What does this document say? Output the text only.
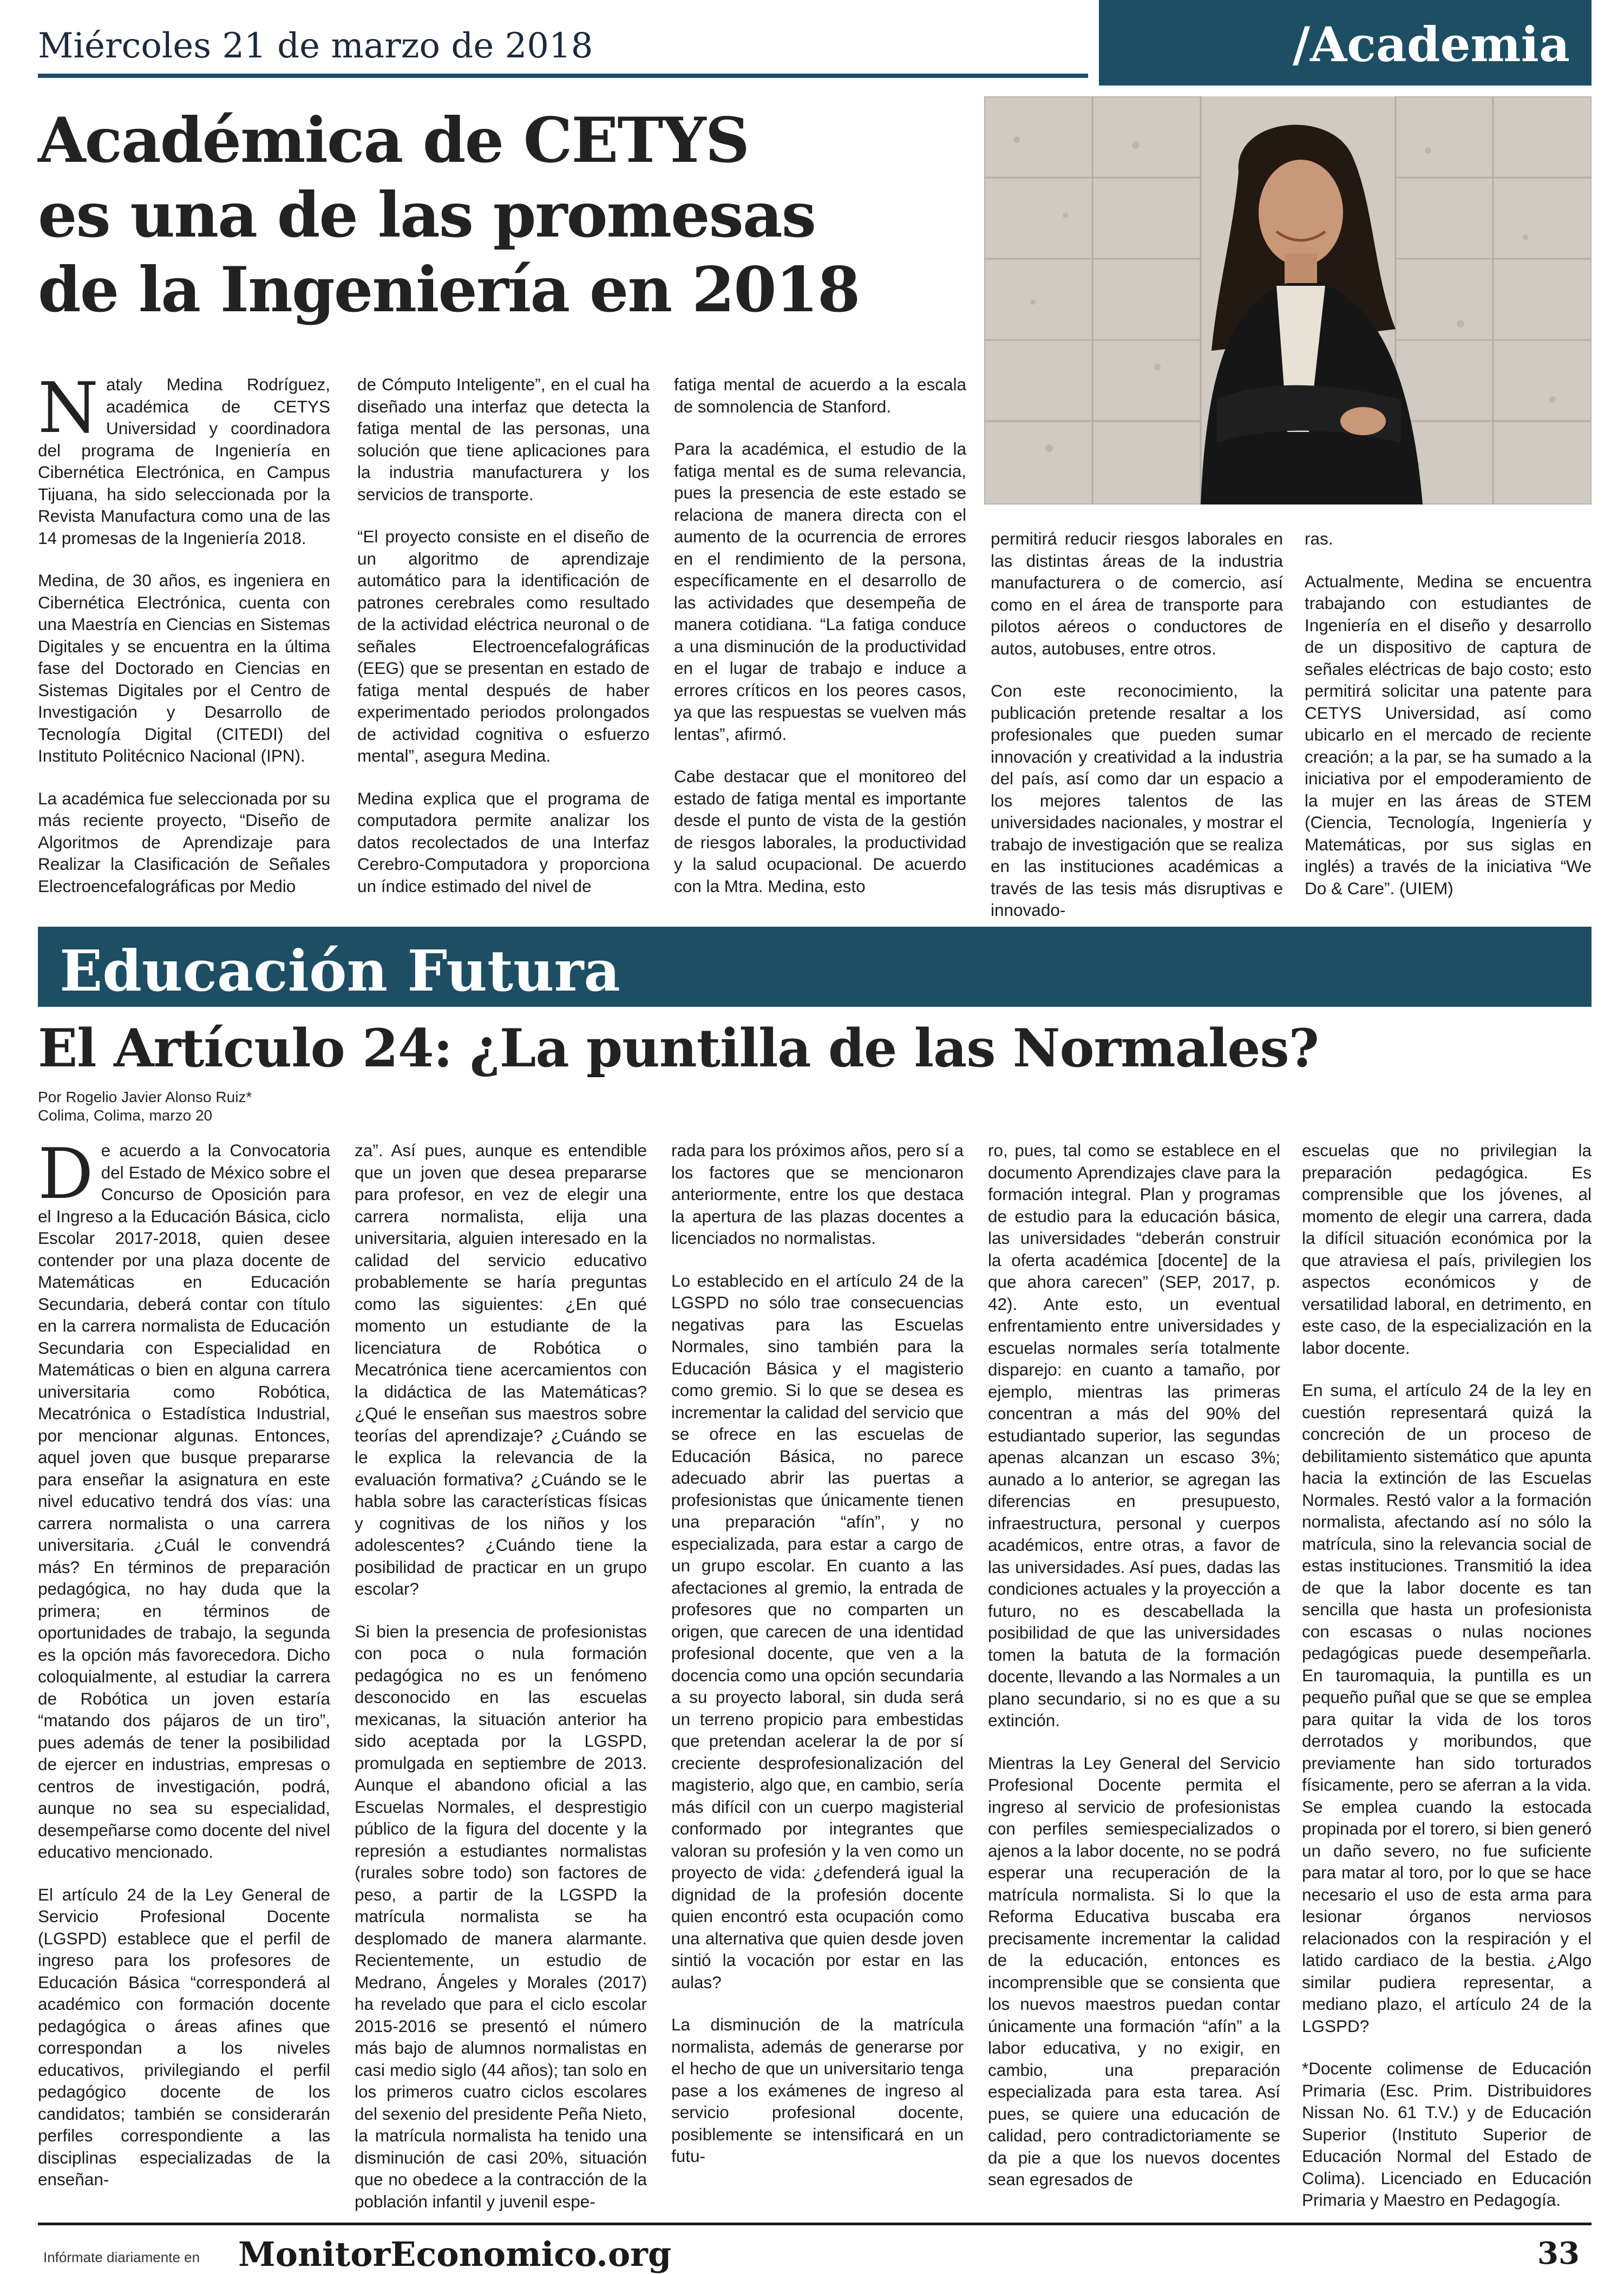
Miércoles 21 de marzo de 2018	/Academia
Académica de CETYS
es una de las promesas
de la Ingeniería en 2018

Nataly Medina Rodríguez, académica de CETYS Universidad y coordinadora del programa de Ingeniería en Cibernética Electrónica, en Campus Tijuana, ha sido seleccionada por la Revista Manufactura como una de las 14 promesas de la Ingeniería 2018.

Medina, de 30 años, es ingeniera en Cibernética Electrónica, cuenta con una Maestría en Ciencias en Sistemas Digitales y se encuentra en la última fase del Doctorado en Ciencias en Sistemas Digitales por el Centro de Investigación y Desarrollo de Tecnología Digital (CITEDI) del Instituto Politécnico Nacional (IPN).

La académica fue seleccionada por su más reciente proyecto, “Diseño de Algoritmos de Aprendizaje para Realizar la Clasificación de Señales Electroencefalográficas por Medio

de Cómputo Inteligente”, en el cual ha diseñado una interfaz que detecta la fatiga mental de las personas, una solución que tiene aplicaciones para la industria manufacturera y los servicios de transporte.

“El proyecto consiste en el diseño de un algoritmo de aprendizaje automático para la identificación de patrones cerebrales como resultado de la actividad eléctrica neuronal o de señales Electroencefalográficas (EEG) que se presentan en estado de fatiga mental después de haber experimentado periodos prolongados de actividad cognitiva o esfuerzo mental”, asegura Medina.

Medina explica que el programa de computadora permite analizar los datos recolectados de una Interfaz Cerebro-Computadora y proporciona un índice estimado del nivel de

fatiga mental de acuerdo a la escala de somnolencia de Stanford.

Para la académica, el estudio de la fatiga mental es de suma relevancia, pues la presencia de este estado se relaciona de manera directa con el aumento de la ocurrencia de errores en el rendimiento de la persona, específicamente en el desarrollo de las actividades que desempeña de manera cotidiana. “La fatiga conduce a una disminución de la productividad en el lugar de trabajo e induce a errores críticos en los peores casos, ya que las respuestas se vuelven más lentas”, afirmó.

Cabe destacar que el monitoreo del estado de fatiga mental es importante desde el punto de vista de la gestión de riesgos laborales, la productividad y la salud ocupacional. De acuerdo con la Mtra. Medina, esto

permitirá reducir riesgos laborales en las distintas áreas de la industria manufacturera o de comercio, así como en el área de transporte para pilotos aéreos o conductores de autos, autobuses, entre otros.

Con este reconocimiento, la publicación pretende resaltar a los profesionales que pueden sumar innovación y creatividad a la industria del país, así como dar un espacio a los mejores talentos de las universidades nacionales, y mostrar el trabajo de investigación que se realiza en las instituciones académicas a través de las tesis más disruptivas e innovado-

ras.

Actualmente, Medina se encuentra trabajando con estudiantes de Ingeniería en el diseño y desarrollo de un dispositivo de captura de señales eléctricas de bajo costo; esto permitirá solicitar una patente para CETYS Universidad, así como ubicarlo en el mercado de reciente creación; a la par, se ha sumado a la iniciativa por el empoderamiento de la mujer en las áreas de STEM (Ciencia, Tecnología, Ingeniería y Matemáticas, por sus siglas en inglés) a través de la iniciativa “We Do & Care”. (UIEM)

Educación Futura
El Artículo 24: ¿La puntilla de las Normales?
Por Rogelio Javier Alonso Ruiz*
Colima, Colima, marzo 20

De acuerdo a la Convocatoria del Estado de México sobre el Concurso de Oposición para el Ingreso a la Educación Básica, ciclo Escolar 2017-2018, quien desee contender por una plaza docente de Matemáticas en Educación Secundaria, deberá contar con título en la carrera normalista de Educación Secundaria con Especialidad en Matemáticas o bien en alguna carrera universitaria como Robótica, Mecatrónica o Estadística Industrial, por mencionar algunas. Entonces, aquel joven que busque prepararse para enseñar la asignatura en este nivel educativo tendrá dos vías: una carrera normalista o una carrera universitaria. ¿Cuál le convendrá más? En términos de preparación pedagógica, no hay duda que la primera; en términos de oportunidades de trabajo, la segunda es la opción más favorecedora. Dicho coloquialmente, al estudiar la carrera de Robótica un joven estaría “matando dos pájaros de un tiro”, pues además de tener la posibilidad de ejercer en industrias, empresas o centros de investigación, podrá, aunque no sea su especialidad, desempeñarse como docente del nivel educativo mencionado.

El artículo 24 de la Ley General de Servicio Profesional Docente (LGSPD) establece que el perfil de ingreso para los profesores de Educación Básica “corresponderá al académico con formación docente pedagógica o áreas afines que correspondan a los niveles educativos, privilegiando el perfil pedagógico docente de los candidatos; también se considerarán perfiles correspondiente a las disciplinas especializadas de la enseñan-

za”. Así pues, aunque es entendible que un joven que desea prepararse para profesor, en vez de elegir una carrera normalista, elija una universitaria, alguien interesado en la calidad del servicio educativo probablemente se haría preguntas como las siguientes: ¿En qué momento un estudiante de la licenciatura de Robótica o Mecatrónica tiene acercamientos con la didáctica de las Matemáticas? ¿Qué le enseñan sus maestros sobre teorías del aprendizaje? ¿Cuándo se le explica la relevancia de la evaluación formativa? ¿Cuándo se le habla sobre las características físicas y cognitivas de los niños y los adolescentes? ¿Cuándo tiene la posibilidad de practicar en un grupo escolar?

Si bien la presencia de profesionistas con poca o nula formación pedagógica no es un fenómeno desconocido en las escuelas mexicanas, la situación anterior ha sido aceptada por la LGSPD, promulgada en septiembre de 2013. Aunque el abandono oficial a las Escuelas Normales, el desprestigio público de la figura del docente y la represión a estudiantes normalistas (rurales sobre todo) son factores de peso, a partir de la LGSPD la matrícula normalista se ha desplomado de manera alarmante. Recientemente, un estudio de Medrano, Ángeles y Morales (2017) ha revelado que para el ciclo escolar 2015-2016 se presentó el número más bajo de alumnos normalistas en casi medio siglo (44 años); tan solo en los primeros cuatro ciclos escolares del sexenio del presidente Peña Nieto, la matrícula normalista ha tenido una disminución de casi 20%, situación que no obedece a la contracción de la población infantil y juvenil espe-

rada para los próximos años, pero sí a los factores que se mencionaron anteriormente, entre los que destaca la apertura de las plazas docentes a licenciados no normalistas.

Lo establecido en el artículo 24 de la LGSPD no sólo trae consecuencias negativas para las Escuelas Normales, sino también para la Educación Básica y el magisterio como gremio. Si lo que se desea es incrementar la calidad del servicio que se ofrece en las escuelas de Educación Básica, no parece adecuado abrir las puertas a profesionistas que únicamente tienen una preparación “afín”, y no especializada, para estar a cargo de un grupo escolar. En cuanto a las afectaciones al gremio, la entrada de profesores que no comparten un origen, que carecen de una identidad profesional docente, que ven a la docencia como una opción secundaria a su proyecto laboral, sin duda será un terreno propicio para embestidas que pretendan acelerar la de por sí creciente desprofesionalización del magisterio, algo que, en cambio, sería más difícil con un cuerpo magisterial conformado por integrantes que valoran su profesión y la ven como un proyecto de vida: ¿defenderá igual la dignidad de la profesión docente quien encontró esta ocupación como una alternativa que quien desde joven sintió la vocación por estar en las aulas?

La disminución de la matrícula normalista, además de generarse por el hecho de que un universitario tenga pase a los exámenes de ingreso al servicio profesional docente, posiblemente se intensificará en un futu-

ro, pues, tal como se establece en el documento Aprendizajes clave para la formación integral. Plan y programas de estudio para la educación básica, las universidades “deberán construir la oferta académica [docente] de la que ahora carecen” (SEP, 2017, p. 42). Ante esto, un eventual enfrentamiento entre universidades y escuelas normales sería totalmente disparejo: en cuanto a tamaño, por ejemplo, mientras las primeras concentran a más del 90% del estudiantado superior, las segundas apenas alcanzan un escaso 3%; aunado a lo anterior, se agregan las diferencias en presupuesto, infraestructura, personal y cuerpos académicos, entre otras, a favor de las universidades. Así pues, dadas las condiciones actuales y la proyección a futuro, no es descabellada la posibilidad de que las universidades tomen la batuta de la formación docente, llevando a las Normales a un plano secundario, si no es que a su extinción.

Mientras la Ley General del Servicio Profesional Docente permita el ingreso al servicio de profesionistas con perfiles semiespecializados o ajenos a la labor docente, no se podrá esperar una recuperación de la matrícula normalista. Si lo que la Reforma Educativa buscaba era precisamente incrementar la calidad de la educación, entonces es incomprensible que se consienta que los nuevos maestros puedan contar únicamente una formación “afín” a la labor educativa, y no exigir, en cambio, una preparación especializada para esta tarea. Así pues, se quiere una educación de calidad, pero contradictoriamente se da pie a que los nuevos docentes sean egresados de

escuelas que no privilegian la preparación pedagógica. Es comprensible que los jóvenes, al momento de elegir una carrera, dada la difícil situación económica por la que atraviesa el país, privilegien los aspectos económicos y de versatilidad laboral, en detrimento, en este caso, de la especialización en la labor docente.

En suma, el artículo 24 de la ley en cuestión representará quizá la concreción de un proceso de debilitamiento sistemático que apunta hacia la extinción de las Escuelas Normales. Restó valor a la formación normalista, afectando así no sólo la matrícula, sino la relevancia social de estas instituciones. Transmitió la idea de que la labor docente es tan sencilla que hasta un profesionista con escasas o nulas nociones pedagógicas puede desempeñarla. En tauromaquia, la puntilla es un pequeño puñal que se que se emplea para quitar la vida de los toros derrotados y moribundos, que previamente han sido torturados físicamente, pero se aferran a la vida. Se emplea cuando la estocada propinada por el torero, si bien generó un daño severo, no fue suficiente para matar al toro, por lo que se hace necesario el uso de esta arma para lesionar órganos nerviosos relacionados con la respiración y el latido cardiaco de la bestia. ¿Algo similar pudiera representar, a mediano plazo, el artículo 24 de la LGSPD?

*Docente colimense de Educación Primaria (Esc. Prim. Distribuidores Nissan No. 61 T.V.) y de Educación Superior (Instituto Superior de Educación Normal del Estado de Colima). Licenciado en Educación Primaria y Maestro en Pedagogía.

Infórmate diariamente en MonitorEconomico.org	33
